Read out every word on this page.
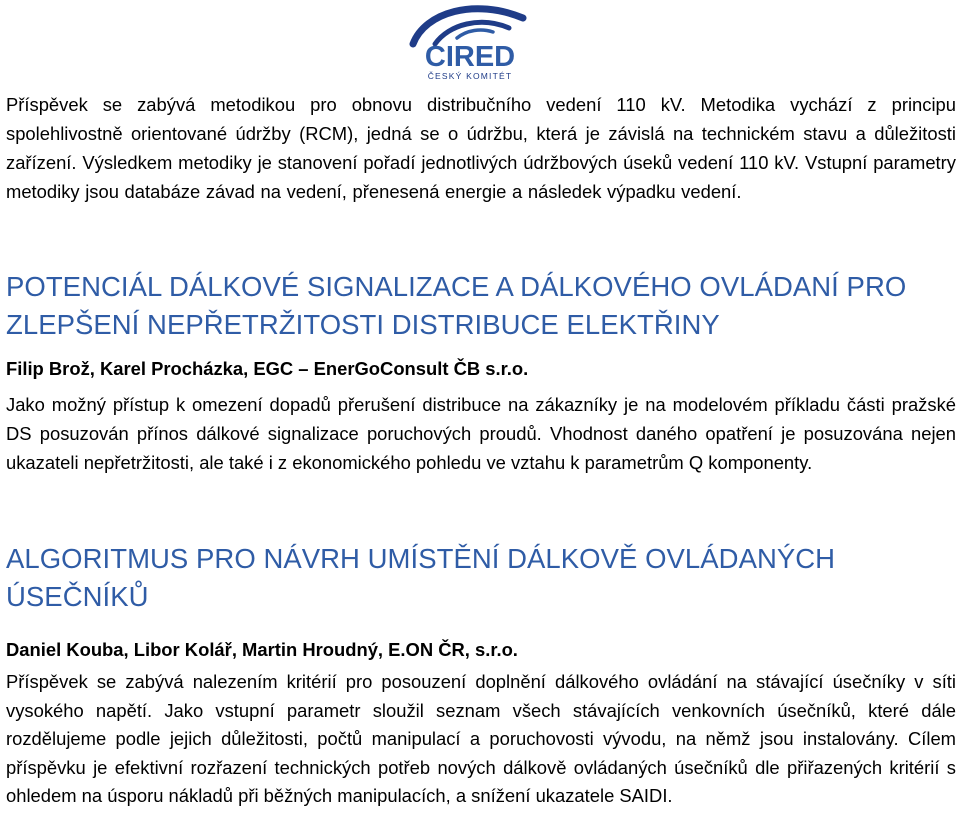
CIRED
ČESKÝ KOMITÉT

Příspěvek se zabývá metodikou pro obnovu distribučního vedení 110 kV. Metodika vychází z principu spolehlivostně orientované údržby (RCM), jedná se o údržbu, která je závislá na technickém stavu a důležitosti zařízení. Výsledkem metodiky je stanovení pořadí jednotlivých údržbových úseků vedení 110 kV. Vstupní parametry metodiky jsou databáze závad na vedení, přenesená energie a následek výpadku vedení.

POTENCIÁL DÁLKOVÉ SIGNALIZACE A DÁLKOVÉHO OVLÁDANÍ PRO ZLEPŠENÍ NEPŘETRŽITOSTI DISTRIBUCE ELEKTŘINY

Filip Brož, Karel Procházka, EGC – EnerGoConsult ČB s.r.o.

Jako možný přístup k omezení dopadů přerušení distribuce na zákazníky je na modelovém příkladu části pražské DS posuzován přínos dálkové signalizace poruchových proudů. Vhodnost daného opatření je posuzována nejen ukazateli nepřetržitosti, ale také i z ekonomického pohledu ve vztahu k parametrům Q komponenty.

ALGORITMUS PRO NÁVRH UMÍSTĚNÍ DÁLKOVĚ OVLÁDANÝCH ÚSEČNÍKŮ

Daniel Kouba, Libor Kolář, Martin Hroudný, E.ON ČR, s.r.o.

Příspěvek se zabývá nalezením kritérií pro posouzení doplnění dálkového ovládání na stávající úsečníky v síti vysokého napětí. Jako vstupní parametr sloužil seznam všech stávajících venkovních úsečníků, které dále rozdělujeme podle jejich důležitosti, počtů manipulací a poruchovosti vývodu, na němž jsou instalovány. Cílem příspěvku je efektivní rozřazení technických potřeb nových dálkově ovládaných úsečníků dle přiřazených kritérií s ohledem na úsporu nákladů při běžných manipulacích, a snížení ukazatele SAIDI.
